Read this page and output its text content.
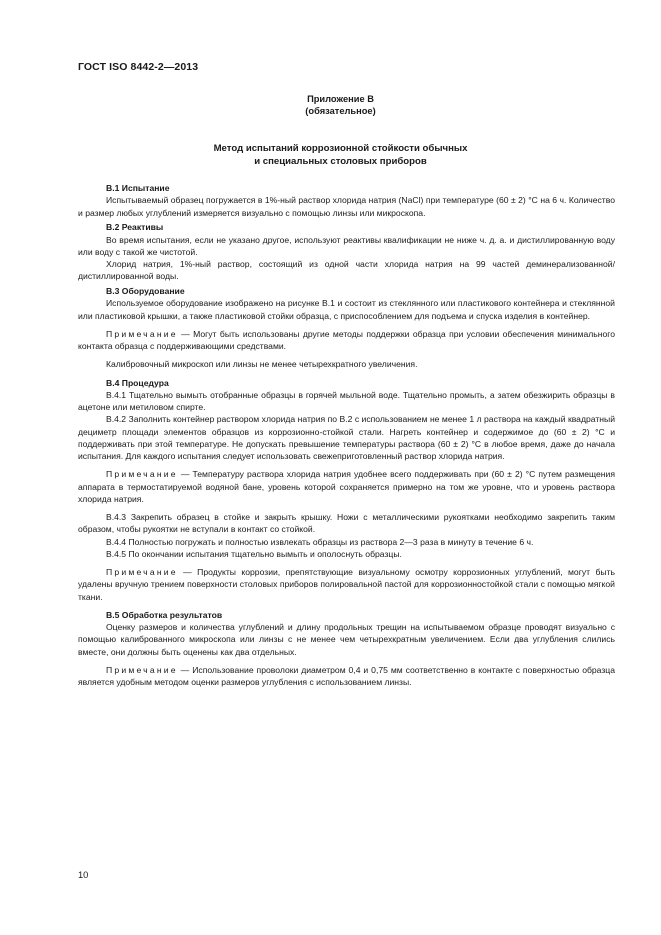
ГОСТ ISO 8442-2—2013
Приложение В
(обязательное)
Метод испытаний коррозионной стойкости обычных
и специальных столовых приборов

В.1 Испытание

Испытываемый образец погружается в 1%-ный раствор хлорида натрия (NaCl) при температуре (60 ± 2) °С на 6 ч. Количество и размер любых углублений измеряется визуально с помощью линзы или микроскопа.

В.2 Реактивы

Во время испытания, если не указано другое, используют реактивы квалификации не ниже ч. д. а. и дистиллированную воду или воду с такой же чистотой.

Хлорид натрия, 1%-ный раствор, состоящий из одной части хлорида натрия на 99 частей деминерализованной/дистиллированной воды.

В.3 Оборудование

Используемое оборудование изображено на рисунке В.1 и состоит из стеклянного или пластикового контейнера и стеклянной или пластиковой крышки, а также пластиковой стойки образца, с приспособлением для подъема и спуска изделия в контейнер.

Примечание — Могут быть использованы другие методы поддержки образца при условии обеспечения минимального контакта образца с поддерживающими средствами.

Калибровочный микроскоп или линзы не менее четырехкратного увеличения.

В.4 Процедура

В.4.1 Тщательно вымыть отобранные образцы в горячей мыльной воде. Тщательно промыть, а затем обезжирить образцы в ацетоне или метиловом спирте.

В.4.2 Заполнить контейнер раствором хлорида натрия по В.2 с использованием не менее 1 л раствора на каждый квадратный дециметр площади элементов образцов из коррозионно-стойкой стали. Нагреть контейнер и содержимое до (60 ± 2) °С и поддерживать при этой температуре. Не допускать превышение температуры раствора (60 ± 2) °С в любое время, даже до начала испытания. Для каждого испытания следует использовать свежеприготовленный раствор хлорида натрия.

Примечание — Температуру раствора хлорида натрия удобнее всего поддерживать при (60 ± 2) °С путем размещения аппарата в термостатируемой водяной бане, уровень которой сохраняется примерно на том же уровне, что и уровень раствора хлорида натрия.

В.4.3 Закрепить образец в стойке и закрыть крышку. Ножи с металлическими рукоятками необходимо закрепить таким образом, чтобы рукоятки не вступали в контакт со стойкой.

В.4.4 Полностью погружать и полностью извлекать образцы из раствора 2—3 раза в минуту в течение 6 ч.

В.4.5 По окончании испытания тщательно вымыть и ополоснуть образцы.

Примечание — Продукты коррозии, препятствующие визуальному осмотру коррозионных углублений, могут быть удалены вручную трением поверхности столовых приборов полировальной пастой для коррозионностойкой стали с помощью мягкой ткани.

В.5 Обработка результатов

Оценку размеров и количества углублений и длину продольных трещин на испытываемом образце проводят визуально с помощью калиброванного микроскопа или линзы с не менее чем четырехкратным увеличением. Если два углубления слились вместе, они должны быть оценены как два отдельных.

Примечание — Использование проволоки диаметром 0,4 и 0,75 мм соответственно в контакте с поверхностью образца является удобным методом оценки размеров углубления с использованием линзы.

10
